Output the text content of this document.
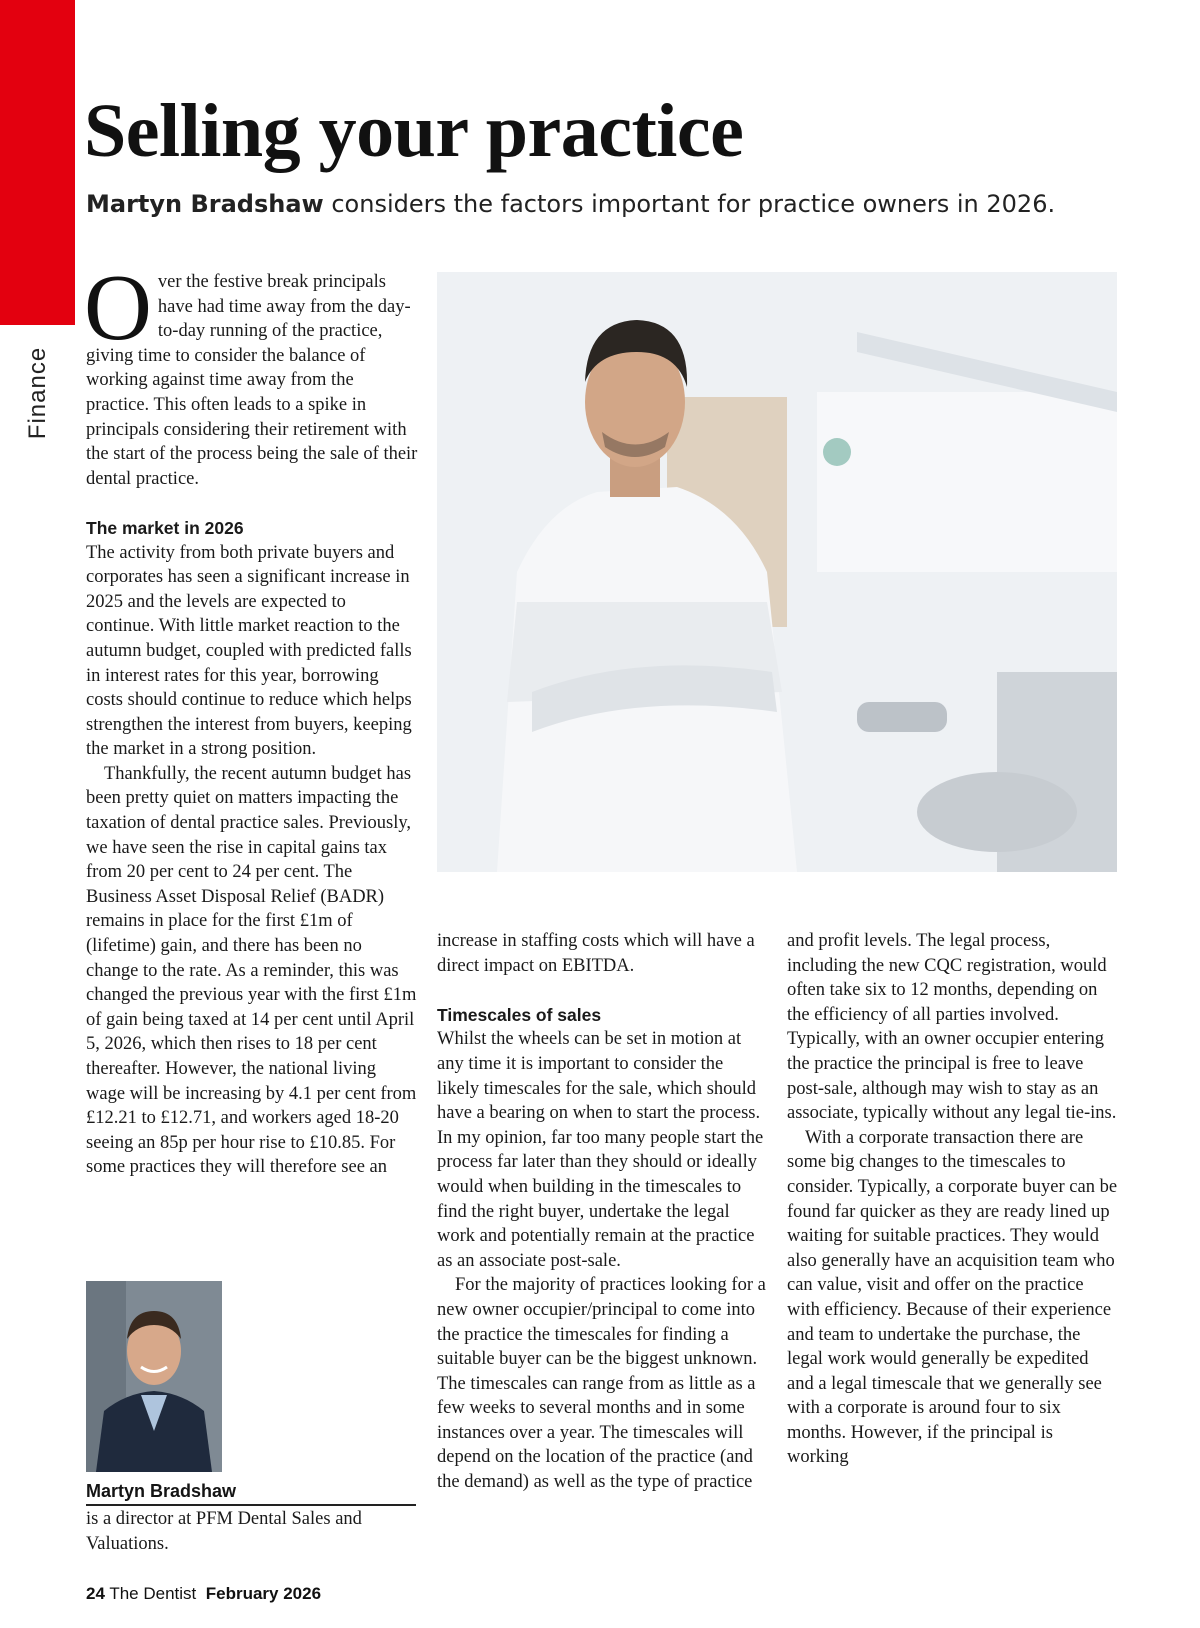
Finance
Selling your practice

Martyn Bradshaw considers the factors important for practice owners in 2026.

Over the festive break principals have had time away from the day-to-day running of the practice, giving time to consider the balance of working against time away from the practice. This often leads to a spike in principals considering their retirement with the start of the process being the sale of their dental practice.

The market in 2026

The activity from both private buyers and corporates has seen a significant increase in 2025 and the levels are expected to continue. With little market reaction to the autumn budget, coupled with predicted falls in interest rates for this year, borrowing costs should continue to reduce which helps strengthen the interest from buyers, keeping the market in a strong position.

Thankfully, the recent autumn budget has been pretty quiet on matters impacting the taxation of dental practice sales. Previously, we have seen the rise in capital gains tax from 20 per cent to 24 per cent. The Business Asset Disposal Relief (BADR) remains in place for the first £1m of (lifetime) gain, and there has been no change to the rate. As a reminder, this was changed the previous year with the first £1m of gain being taxed at 14 per cent until April 5, 2026, which then rises to 18 per cent thereafter. However, the national living wage will be increasing by 4.1 per cent from £12.21 to £12.71, and workers aged 18-20 seeing an 85p per hour rise to £10.85. For some practices they will therefore see an

increase in staffing costs which will have a direct impact on EBITDA.

Timescales of sales

Whilst the wheels can be set in motion at any time it is important to consider the likely timescales for the sale, which should have a bearing on when to start the process. In my opinion, far too many people start the process far later than they should or ideally would when building in the timescales to find the right buyer, undertake the legal work and potentially remain at the practice as an associate post-sale.

For the majority of practices looking for a new owner occupier/principal to come into the practice the timescales for finding a suitable buyer can be the biggest unknown. The timescales can range from as little as a few weeks to several months and in some instances over a year. The timescales will depend on the location of the practice (and the demand) as well as the type of practice

and profit levels. The legal process, including the new CQC registration, would often take six to 12 months, depending on the efficiency of all parties involved. Typically, with an owner occupier entering the practice the principal is free to leave post-sale, although may wish to stay as an associate, typically without any legal tie-ins.

With a corporate transaction there are some big changes to the timescales to consider. Typically, a corporate buyer can be found far quicker as they are ready lined up waiting for suitable practices. They would also generally have an acquisition team who can value, visit and offer on the practice with efficiency. Because of their experience and team to undertake the purchase, the legal work would generally be expedited and a legal timescale that we generally see with a corporate is around four to six months. However, if the principal is working

Martyn Bradshaw
is a director at PFM Dental Sales and Valuations.
24 The Dentist February 2026
